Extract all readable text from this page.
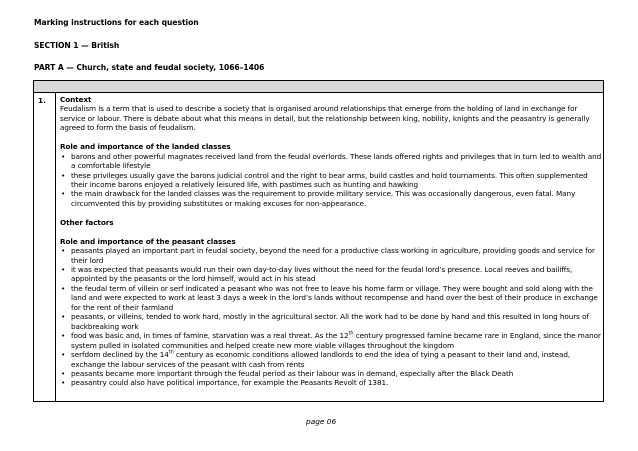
Marking instructions for each question
SECTION 1 — British
PART A — Church, state and feudal society, 1066–1406
1. Context

Feudalism is a term that is used to describe a society that is organised around relationships that emerge from the holding of land in exchange for service or labour. There is debate about what this means in detail, but the relationship between king, nobility, knights and the peasantry is generally agreed to form the basis of feudalism.

Role and importance of the landed classes

• barons and other powerful magnates received land from the feudal overlords. These lands offered rights and privileges that in turn led to wealth and a comfortable lifestyle
• these privileges usually gave the barons judicial control and the right to bear arms, build castles and hold tournaments. This often supplemented their income barons enjoyed a relatively leisured life, with pastimes such as hunting and hawking
• the main drawback for the landed classes was the requirement to provide military service. This was occasionally dangerous, even fatal. Many circumvented this by providing substitutes or making excuses for non-appearance.

Other factors

Role and importance of the peasant classes

• peasants played an important part in feudal society, beyond the need for a productive class working in agriculture, providing goods and service for their lord
• it was expected that peasants would run their own day-to-day lives without the need for the feudal lord’s presence. Local reeves and bailiffs, appointed by the peasants or the lord himself, would act in his stead
• the feudal term of villein or serf indicated a peasant who was not free to leave his home farm or village. They were bought and sold along with the land and were expected to work at least 3 days a week in the lord’s lands without recompense and hand over the best of their produce in exchange for the rent of their farmland
• peasants, or villeins, tended to work hard, mostly in the agricultural sector. All the work had to be done by hand and this resulted in long hours of backbreaking work
• food was basic and, in times of famine, starvation was a real threat. As the 12th century progressed famine became rare in England, since the manor system pulled in isolated communities and helped create new more viable villages throughout the kingdom
• serfdom declined by the 14th century as economic conditions allowed landlords to end the idea of tying a peasant to their land and, instead, exchange the labour services of the peasant with cash from rents
• peasants became more important through the feudal period as their labour was in demand, especially after the Black Death
• peasantry could also have political importance, for example the Peasants Revolt of 1381.
page 06
